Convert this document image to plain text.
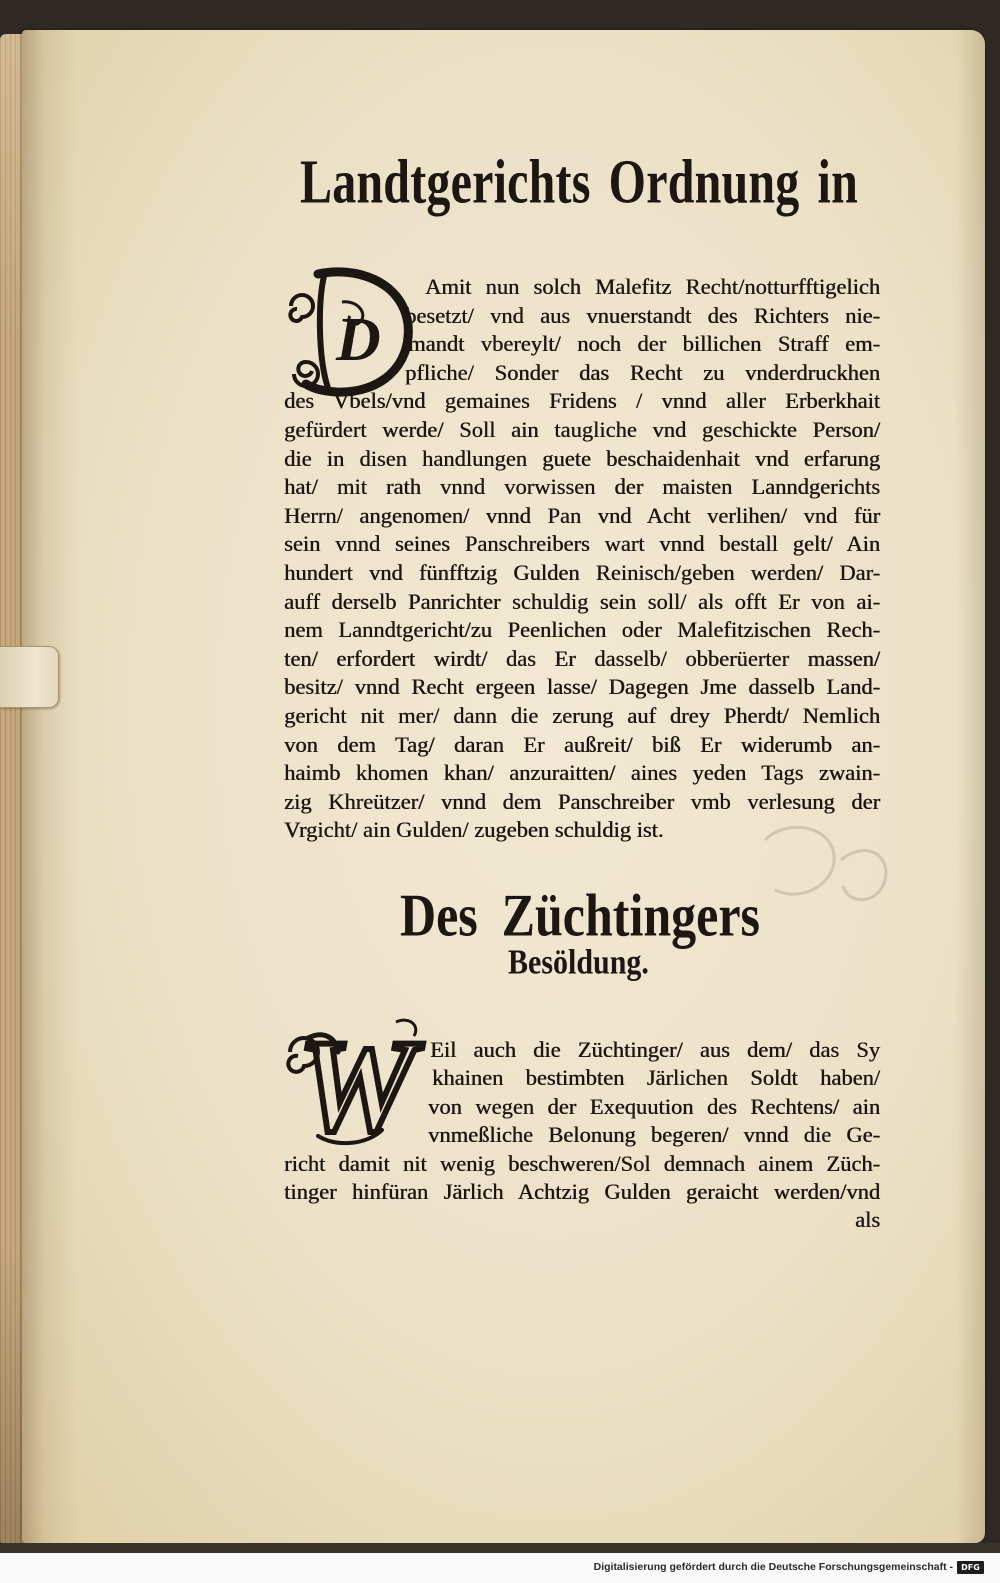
Landtgerichts Ordnung in
D
Amit nun solch Malefitz Recht/notturfftigelich
besetzt/ vnd aus vnuerstandt des Richters nie-
mandt vbereylt/ noch der billichen Straff em-
pfliche/ Sonder das Recht zu vnderdruckhen
des Vbels/vnd gemaines Fridens / vnnd aller Erberkhait
gefürdert werde/ Soll ain taugliche vnd geschickte Person/
die in disen handlungen guete beschaidenhait vnd erfarung
hat/ mit rath vnnd vorwissen der maisten Lanndgerichts
Herrn/ angenomen/ vnnd Pan vnd Acht verlihen/ vnd für
sein vnnd seines Panschreibers wart vnnd bestall gelt/ Ain
hundert vnd fünfftzig Gulden Reinisch/geben werden/ Dar-
auff derselb Panrichter schuldig sein soll/ als offt Er von ai-
nem Lanndtgericht/zu Peenlichen oder Malefitzischen Rech-
ten/ erfordert wirdt/ das Er dasselb/ obberüerter massen/
besitz/ vnnd Recht ergeen lasse/ Dagegen Jme dasselb Land-
gericht nit mer/ dann die zerung auf drey Pherdt/ Nemlich
von dem Tag/ daran Er außreit/ biß Er widerumb an-
haimb khomen khan/ anzuraitten/ aines yeden Tags zwain-
zig Khreützer/ vnnd dem Panschreiber vmb verlesung der
Vrgicht/ ain Gulden/ zugeben schuldig ist.
Des Züchtingers
Besöldung.
W Eil auch die Züchtinger/ aus dem/ das Sy
khainen bestimbten Järlichen Soldt haben/
von wegen der Exequution des Rechtens/ ain
vnmeßliche Belonung begeren/ vnnd die Ge-
richt damit nit wenig beschweren/Sol demnach ainem Züch-
tinger hinfüran Järlich Achtzig Gulden geraicht werden/vnd
als
Digitalisierung gefördert durch die Deutsche Forschungsgemeinschaft -	DFG
